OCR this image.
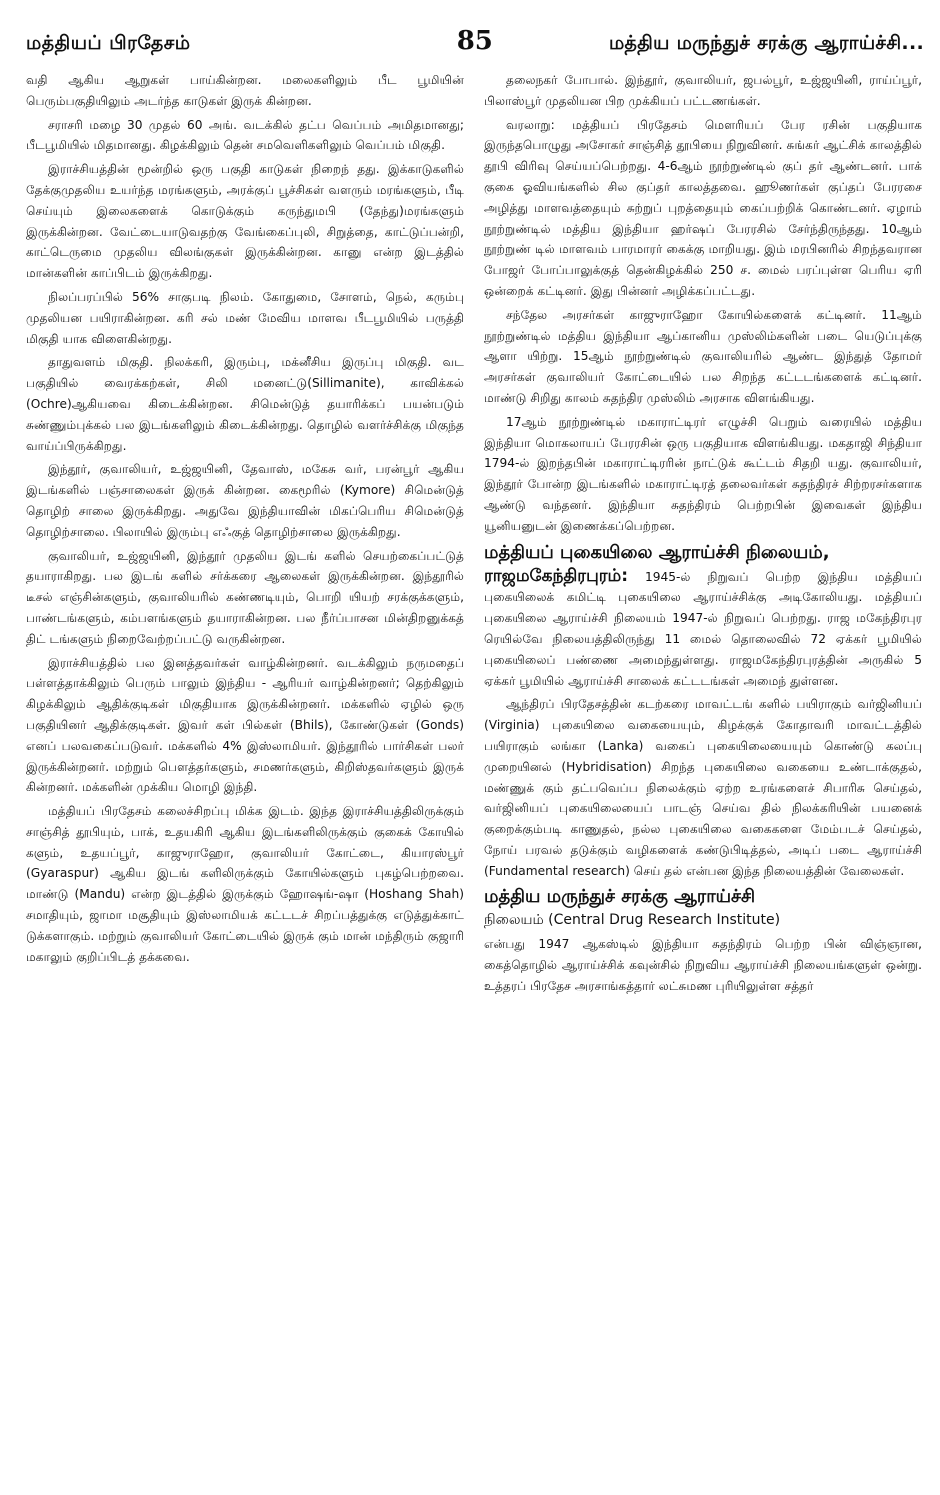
மத்தியப் பிரதேசம்	85	மத்திய மருந்துச் சரக்கு ஆராய்ச்சி...

வதி ஆகிய ஆறுகள் பாய்கின்றன. மலைகளிலும் பீட பூமியின் பெரும்பகுதியிலும் அடர்ந்த காடுகள் இருக் கின்றன.

சராசரி மழை 30 முதல் 60 அங். வடக்கில் தட்ப வெப்பம் அமிதமானது; பீடபூமியில் மிதமானது. கிழக்கிலும் தென் சமவெளிகளிலும் வெப்பம் மிகுதி.

இராச்சியத்தின் மூன்றில் ஒரு பகுதி காடுகள் நிறைந் தது. இக்காடுகளில் தேக்குமுதலிய உயர்ந்த மரங்களும், அரக்குப் பூச்சிகள் வளரும் மரங்களும், பீடி செய்யும் இலைகளைக் கொடுக்கும் கருந்துமபி (தேந்து)மரங்களும் இருக்கின்றன. வேட்டையாடுவதற்கு வேங்கைப்புலி, சிறுத்தை, காட்டுப்பன்றி, காட்டெருமை முதலிய விலங்குகள் இருக்கின்றன. கானு என்ற இடத்தில் மான்களின் காப்பிடம் இருக்கிறது.

நிலப்பரப்பில் 56% சாகுபடி நிலம். கோதுமை, சோளம், நெல், கரும்பு முதலியன பயிராகின்றன. கரி சல் மண் மேவிய மாளவ பீடபூமியில் பருத்தி மிகுதி யாக விளைகின்றது.

தாதுவளம் மிகுதி. நிலக்கரி, இரும்பு, மக்னீசிய இருப்பு மிகுதி. வட பகுதியில் வைரக்கற்கள், சிலி மனைட்டு(Sillimanite), காவிக்கல் (Ochre)ஆகியவை கிடைக்கின்றன. சிமென்டுத் தயாரிக்கப் பயன்படும் சுண்ணும்புக்கல் பல இடங்களிலும் கிடைக்கின்றது. தொழில் வளர்ச்சிக்கு மிகுந்த வாய்ப்பிருக்கிறது.

இந்தூர், குவாலியர், உஜ்ஜயினி, தேவாஸ், மகேசு வர், பரன்பூர் ஆகிய இடங்களில் பஞ்சாலைகள் இருக் கின்றன. கைமூரில் (Kymore) சிமென்டுத் தொழிற் சாலை இருக்கிறது. அதுவே இந்தியாவின் மிகப்பெரிய சிமென்டுத் தொழிற்சாலை. பிலாயில் இரும்பு எஃகுத் தொழிற்சாலை இருக்கிறது.

குவாலியர், உஜ்ஜயினி, இந்தூர் முதலிய இடங் களில் செயற்கைப்பட்டுத் தயாராகிறது. பல இடங் களில் சர்க்கரை ஆலைகள் இருக்கின்றன. இந்தூரில் டீசல் எஞ்சின்களும், குவாலியரில் கண்ணடியும், பொறி யியற் சரக்குக்களும், பாண்டங்களும், கம்பளங்களும் தயாராகின்றன. பல நீர்ப்பாசன மின்திறனுக்கத் திட் டங்களும் நிறைவேற்றப்பட்டு வருகின்றன.

இராச்சியத்தில் பல இனத்தவர்கள் வாழ்கின்றனர். வடக்கிலும் நருமதைப் பள்ளத்தாக்கிலும் பெரும் பாலும் இந்திய - ஆரியர் வாழ்கின்றனர்; தெற்கிலும் கிழக்கிலும் ஆதிக்குடிகள் மிகுதியாக இருக்கின்றனர். மக்களில் ஏழில் ஒரு பகுதியினர் ஆதிக்குடிகள். இவர் கள் பில்கள் (Bhils), கோண்டுகள் (Gonds) எனப் பலவகைப்படுவர். மக்களில் 4% இஸ்லாமியர். இந்தூரில் பார்சிகள் பலர் இருக்கின்றனர். மற்றும் பௌத்தர்களும், சமணர்களும், கிறிஸ்தவர்களும் இருக் கின்றனர். மக்களின் முக்கிய மொழி இந்தி.

மத்தியப் பிரதேசம் கலைச்சிறப்பு மிக்க இடம். இந்த இராச்சியத்திலிருக்கும் சாஞ்சித் தூபியும், பாக், உதயகிரி ஆகிய இடங்களிலிருக்கும் குகைக் கோயில் களும், உதயப்பூர், காஜுராஹோ, குவாலியர் கோட்டை, கியாரஸ்பூர் (Gyaraspur) ஆகிய இடங் களிலிருக்கும் கோயில்களும் புகழ்பெற்றவை. மாண்டு (Mandu) என்ற இடத்தில் இருக்கும் ஹோஷங்-ஷா (Hoshang Shah) சமாதியும், ஜாமா மசூதியும் இஸ்லாமியக் கட்டடச் சிறப்பத்துக்கு எடுத்துக்காட் டுக்களாகும். மற்றும் குவாலியர் கோட்டையில் இருக் கும் மான் மந்திரும் குஜாரி மகாலும் குறிப்பிடத் தக்கவை.

தலைநகர் போபால். இந்தூர், குவாலியர், ஜபல்பூர், உஜ்ஜயினி, ராய்ப்பூர், பிலாஸ்பூர் முதலியன பிற முக்கியப் பட்டணங்கள்.

வரலாறு: மத்தியப் பிரதேசம் மௌரியப் பேர ரசின் பகுதியாக இருந்தபொழுது அசோகர் சாஞ்சித் தூபியை நிறுவினர். சுங்கர் ஆட்சிக் காலத்தில் தூபி விரிவு செய்யப்பெற்றது. 4-6ஆம் நூற்றுண்டில் குப் தர் ஆண்டனர். பாக் குகை ஓவியங்களில் சில குப்தர் காலத்தவை. ஹூணர்கள் குப்தப் பேரரசை அழித்து மாளவத்தையும் சுற்றுப் புறத்தையும் கைப்பற்றிக் கொண்டனர். ஏழாம் நூற்றுண்டில் மத்திய இந்தியா ஹர்ஷப் பேரரசில் சேர்ந்திருந்தது. 10ஆம் நூற்றுண் டில் மாளவம் பாரமாரர் கைக்கு மாறியது. இம் மரபினரில் சிறந்தவரான போஜர் போப்பாலுக்குத் தென்கிழக்கில் 250 ச. மைல் பரப்புள்ள பெரிய ஏரி ஒன்றைக் கட்டினர். இது பின்னர் அழிக்கப்பட்டது.

சந்தேல அரசர்கள் காஜுராஹோ கோயில்களைக் கட்டினர். 11ஆம் நூற்றுண்டில் மத்திய இந்தியா ஆப்கானிய முஸ்லிம்களின் படை யெடுப்புக்கு ஆளா யிற்று. 15ஆம் நூற்றுண்டில் குவாலியரில் ஆண்ட இந்துத் தோமர் அரசர்கள் குவாலியர் கோட்டையில் பல சிறந்த கட்டடங்களைக் கட்டினர். மாண்டு சிறிது காலம் சுதந்திர முஸ்லிம் அரசாக விளங்கியது.

17ஆம் நூற்றுண்டில் மகாராட்டிரர் எழுச்சி பெறும் வரையில் மத்திய இந்தியா மொகலாயப் பேரரசின் ஒரு பகுதியாக விளங்கியது. மகதாஜி சிந்தியா 1794-ல் இறந்தபின் மகாராட்டிரரின் நாட்டுக் கூட்டம் சிதறி யது. குவாலியர், இந்தூர் போன்ற இடங்களில் மகாராட்டிரத் தலைவர்கள் சுதந்திரச் சிற்றரசர்களாக ஆண்டு வந்தனர். இந்தியா சுதந்திரம் பெற்றபின் இவைகள் இந்திய யூனியனுடன் இணைக்கப்பெற்றன.

மத்தியப் புகையிலை ஆராய்ச்சி நிலையம்,

ராஜமகேந்திரபுரம்: 1945-ல் நிறுவப் பெற்ற இந்திய மத்தியப் புகையிலைக் கமிட்டி புகையிலை ஆராய்ச்சிக்கு அடிகோலியது. மத்தியப் புகையிலை ஆராய்ச்சி நிலையம் 1947-ல் நிறுவப் பெற்றது. ராஜ மகேந்திரபுர ரெயில்வே நிலையத்திலிருந்து 11 மைல் தொலைவில் 72 ஏக்கர் பூமியில் புகையிலைப் பண்ணை அமைந்துள்ளது. ராஜமகேந்திரபுரத்தின் அருகில் 5 ஏக்கர் பூமியில் ஆராய்ச்சி சாலைக் கட்டடங்கள் அமைந் துள்ளன.

ஆந்திரப் பிரதேசத்தின் கடற்கரை மாவட்டங் களில் பயிராகும் வர்ஜினியப் (Virginia) புகையிலை வகையையும், கிழக்குக் கோதாவரி மாவட்டத்தில் பயிராகும் லங்கா (Lanka) வகைப் புகையிலையையும் கொண்டு கலப்பு முறையினல் (Hybridisation) சிறந்த புகையிலை வகையை உண்டாக்குதல், மண்ணுக் கும் தட்பவெப்ப நிலைக்கும் ஏற்ற உரங்களைச் சிபாரிசு செய்தல், வர்ஜினியப் புகையிலையைப் பாடஞ் செய்வ தில் நிலக்கரியின் பயனைக் குறைக்கும்படி காணுதல், நல்ல புகையிலை வகைகளை மேம்படச் செய்தல், நோய் பரவல் தடுக்கும் வழிகளைக் கண்டுபிடித்தல், அடிப் படை ஆராய்ச்சி (Fundamental research) செய் தல் என்பன இந்த நிலையத்தின் வேலைகள்.

மத்திய மருந்துச் சரக்கு ஆராய்ச்சி

நிலையம் (Central Drug Research Institute)

என்பது 1947 ஆகஸ்டில் இந்தியா சுதந்திரம் பெற்ற பின் விஞ்ஞான, கைத்தொழில் ஆராய்ச்சிக் கவுன்சில் நிறுவிய ஆராய்ச்சி நிலையங்களுள் ஒன்று. உத்தரப் பிரதேச அரசாங்கத்தார் லட்சுமண புரியிலுள்ள சத்தர்
